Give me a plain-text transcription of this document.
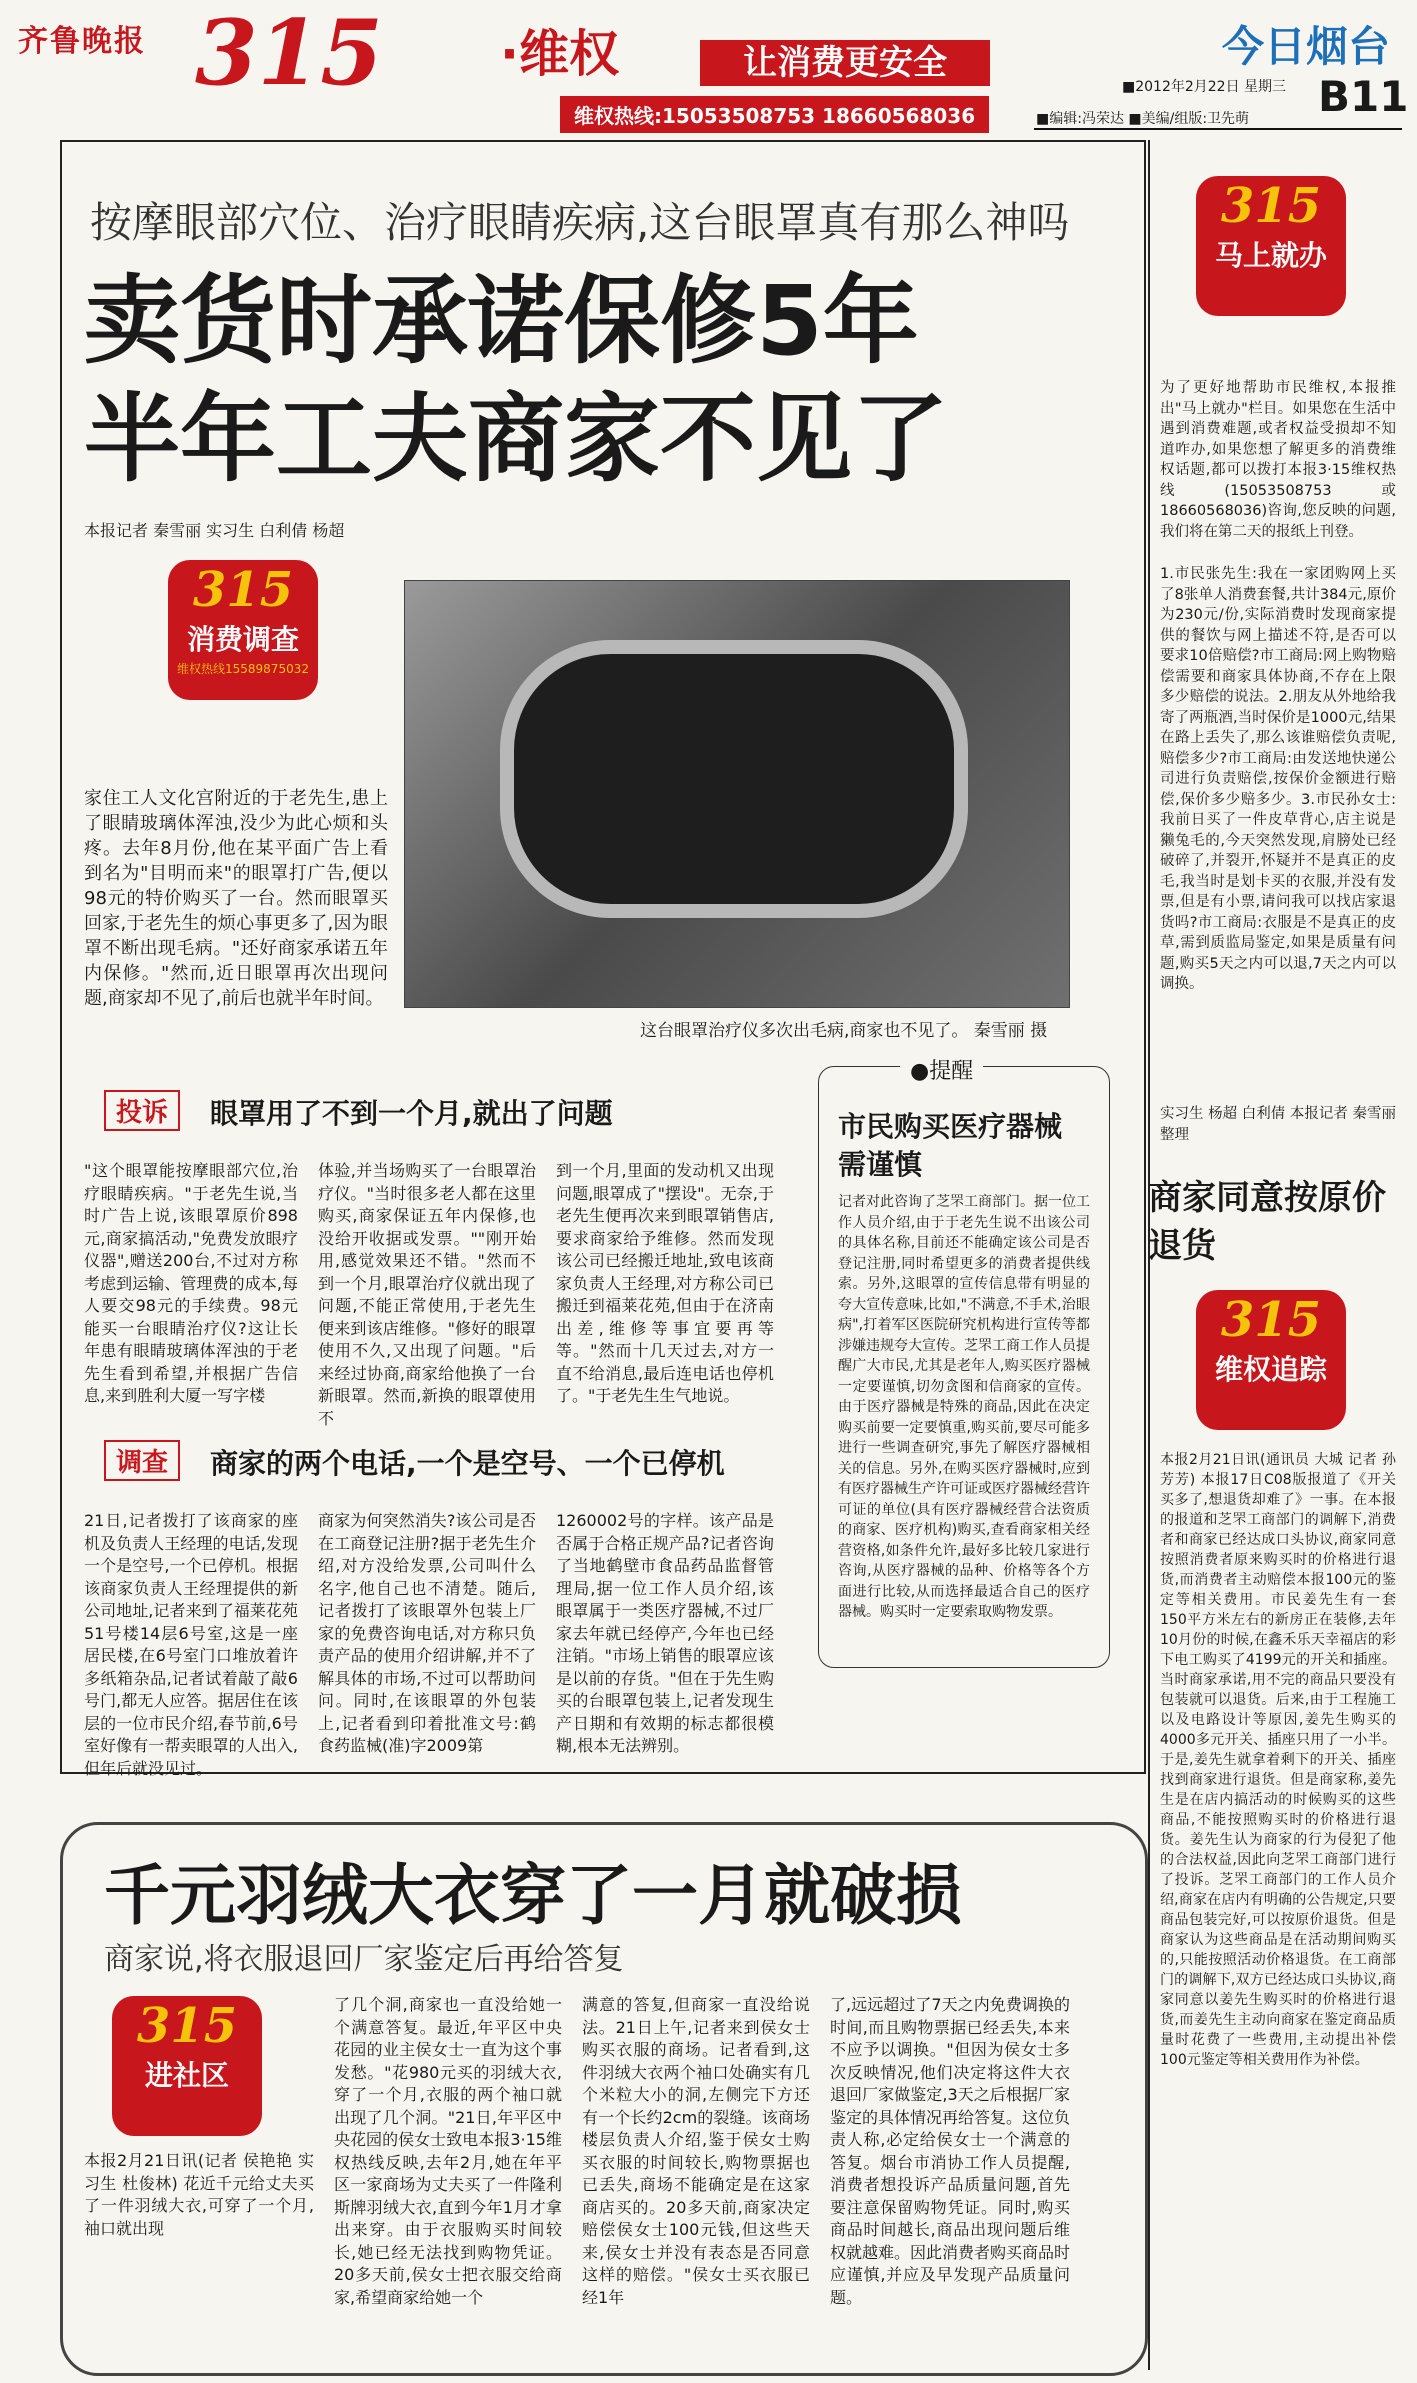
齐鲁晚报 315 ·维权	让消费更安全
维权热线:15053508753 18660568036
今日烟台
■2012年2月22日 星期三 B11
■编辑:冯荣达 ■美编/组版:卫先萌
按摩眼部穴位、治疗眼睛疾病,这台眼罩真有那么神吗
卖货时承诺保修5年
半年工夫商家不见了
本报记者 秦雪丽 实习生 白利倩 杨超
315
消费调查
维权热线15589875032
家住工人文化宫附近的于老先生,患上了眼睛玻璃体浑浊,没少为此心烦和头疼。去年8月份,他在某平面广告上看到名为"目明而来"的眼罩打广告,便以98元的特价购买了一台。然而眼罩买回家,于老先生的烦心事更多了,因为眼罩不断出现毛病。"还好商家承诺五年内保修。"然而,近日眼罩再次出现问题,商家却不见了,前后也就半年时间。
这台眼罩治疗仪多次出毛病,商家也不见了。 秦雪丽 摄
投诉	眼罩用了不到一个月,就出了问题
"这个眼罩能按摩眼部穴位,治疗眼睛疾病。"于老先生说,当时广告上说,该眼罩原价898元,商家搞活动,"免费发放眼疗仪器",赠送200台,不过对方称考虑到运输、管理费的成本,每人要交98元的手续费。98元能买一台眼睛治疗仪?这让长年患有眼睛玻璃体浑浊的于老先生看到希望,并根据广告信息,来到胜利大厦一写字楼
体验,并当场购买了一台眼罩治疗仪。"当时很多老人都在这里购买,商家保证五年内保修,也没给开收据或发票。""刚开始用,感觉效果还不错。"然而不到一个月,眼罩治疗仪就出现了问题,不能正常使用,于老先生便来到该店维修。"修好的眼罩使用不久,又出现了问题。"后来经过协商,商家给他换了一台新眼罩。然而,新换的眼罩使用不
到一个月,里面的发动机又出现问题,眼罩成了"摆设"。无奈,于老先生便再次来到眼罩销售店,要求商家给予维修。然而发现该公司已经搬迁地址,致电该商家负责人王经理,对方称公司已搬迁到福莱花苑,但由于在济南出差,维修等事宜要再等等。"然而十几天过去,对方一直不给消息,最后连电话也停机了。"于老先生生气地说。
调查	商家的两个电话,一个是空号、一个已停机
21日,记者拨打了该商家的座机及负责人王经理的电话,发现一个是空号,一个已停机。根据该商家负责人王经理提供的新公司地址,记者来到了福莱花苑51号楼14层6号室,这是一座居民楼,在6号室门口堆放着许多纸箱杂品,记者试着敲了敲6号门,都无人应答。据居住在该层的一位市民介绍,春节前,6号室好像有一帮卖眼罩的人出入,但年后就没见过。
商家为何突然消失?该公司是否在工商登记注册?据于老先生介绍,对方没给发票,公司叫什么名字,他自己也不清楚。随后,记者拨打了该眼罩外包装上厂家的免费咨询电话,对方称只负责产品的使用介绍讲解,并不了解具体的市场,不过可以帮助问问。同时,在该眼罩的外包装上,记者看到印着批准文号:鹤食药监械(准)字2009第
1260002号的字样。该产品是否属于合格正规产品?记者咨询了当地鹤壁市食品药品监督管理局,据一位工作人员介绍,该眼罩属于一类医疗器械,不过厂家去年就已经停产,今年也已经注销。"市场上销售的眼罩应该是以前的存货。"但在于先生购买的台眼罩包装上,记者发现生产日期和有效期的标志都很模糊,根本无法辨别。
●提醒
市民购买医疗器械需谨慎
记者对此咨询了芝罘工商部门。据一位工作人员介绍,由于于老先生说不出该公司的具体名称,目前还不能确定该公司是否登记注册,同时希望更多的消费者提供线索。另外,这眼罩的宣传信息带有明显的夸大宣传意味,比如,"不满意,不手术,治眼病",打着军区医院研究机构进行宣传等都涉嫌违规夸大宣传。芝罘工商工作人员提醒广大市民,尤其是老年人,购买医疗器械一定要谨慎,切勿贪图和信商家的宣传。由于医疗器械是特殊的商品,因此在决定购买前要一定要慎重,购买前,要尽可能多进行一些调查研究,事先了解医疗器械相关的信息。另外,在购买医疗器械时,应到有医疗器械生产许可证或医疗器械经营许可证的单位(具有医疗器械经营合法资质的商家、医疗机构)购买,查看商家相关经营资格,如条件允许,最好多比较几家进行咨询,从医疗器械的品种、价格等各个方面进行比较,从而选择最适合自己的医疗器械。购买时一定要索取购物发票。
千元羽绒大衣穿了一月就破损
商家说,将衣服退回厂家鉴定后再给答复
315
进社区
本报2月21日讯(记者 侯艳艳 实习生 杜俊林) 花近千元给丈夫买了一件羽绒大衣,可穿了一个月,袖口就出现
了几个洞,商家也一直没给她一个满意答复。最近,年平区中央花园的业主侯女士一直为这个事发愁。"花980元买的羽绒大衣,穿了一个月,衣服的两个袖口就出现了几个洞。"21日,年平区中央花园的侯女士致电本报3·15维权热线反映,去年2月,她在年平区一家商场为丈夫买了一件隆利斯牌羽绒大衣,直到今年1月才拿出来穿。由于衣服购买时间较长,她已经无法找到购物凭证。20多天前,侯女士把衣服交给商家,希望商家给她一个
满意的答复,但商家一直没给说法。21日上午,记者来到侯女士购买衣服的商场。记者看到,这件羽绒大衣两个袖口处确实有几个米粒大小的洞,左侧完下方还有一个长约2cm的裂缝。该商场楼层负责人介绍,鉴于侯女士购买衣服的时间较长,购物票据也已丢失,商场不能确定是在这家商店买的。20多天前,商家决定赔偿侯女士100元钱,但这些天来,侯女士并没有表态是否同意这样的赔偿。"侯女士买衣服已经1年
了,远远超过了7天之内免费调换的时间,而且购物票据已经丢失,本来不应予以调换。"但因为侯女士多次反映情况,他们决定将这件大衣退回厂家做鉴定,3天之后根据厂家鉴定的具体情况再给答复。这位负责人称,必定给侯女士一个满意的答复。烟台市消协工作人员提醒,消费者想投诉产品质量问题,首先要注意保留购物凭证。同时,购买商品时间越长,商品出现问题后维权就越难。因此消费者购买商品时应谨慎,并应及早发现产品质量问题。
315
马上就办
为了更好地帮助市民维权,本报推出"马上就办"栏目。如果您在生活中遇到消费难题,或者权益受损却不知道咋办,如果您想了解更多的消费维权话题,都可以拨打本报3·15维权热线(15053508753或18660568036)咨询,您反映的问题,我们将在第二天的报纸上刊登。
1.市民张先生:我在一家团购网上买了8张单人消费套餐,共计384元,原价为230元/份,实际消费时发现商家提供的餐饮与网上描述不符,是否可以要求10倍赔偿?市工商局:网上购物赔偿需要和商家具体协商,不存在上限多少赔偿的说法。2.朋友从外地给我寄了两瓶酒,当时保价是1000元,结果在路上丢失了,那么该谁赔偿负责呢,赔偿多少?市工商局:由发送地快递公司进行负责赔偿,按保价金额进行赔偿,保价多少赔多少。3.市民孙女士:我前日买了一件皮草背心,店主说是獭兔毛的,今天突然发现,肩膀处已经破碎了,并裂开,怀疑并不是真正的皮毛,我当时是划卡买的衣服,并没有发票,但是有小票,请问我可以找店家退货吗?市工商局:衣服是不是真正的皮草,需到质监局鉴定,如果是质量有问题,购买5天之内可以退,7天之内可以调换。
实习生 杨超 白利倩 本报记者 秦雪丽 整理
商家同意按原价退货
315
维权追踪
本报2月21日讯(通讯员 大城 记者 孙芳芳) 本报17日C08版报道了《开关买多了,想退货却难了》一事。在本报的报道和芝罘工商部门的调解下,消费者和商家已经达成口头协议,商家同意按照消费者原来购买时的价格进行退货,而消费者主动赔偿本报100元的鉴定等相关费用。市民姜先生有一套150平方米左右的新房正在装修,去年10月份的时候,在鑫禾乐天幸福店的彩下电工购买了4199元的开关和插座。当时商家承诺,用不完的商品只要没有包装就可以退货。后来,由于工程施工以及电路设计等原因,姜先生购买的4000多元开关、插座只用了一小半。于是,姜先生就拿着剩下的开关、插座找到商家进行退货。但是商家称,姜先生是在店内搞活动的时候购买的这些商品,不能按照购买时的价格进行退货。姜先生认为商家的行为侵犯了他的合法权益,因此向芝罘工商部门进行了投诉。芝罘工商部门的工作人员介绍,商家在店内有明确的公告规定,只要商品包装完好,可以按原价退货。但是商家认为这些商品是在活动期间购买的,只能按照活动价格退货。在工商部门的调解下,双方已经达成口头协议,商家同意以姜先生购买时的价格进行退货,而姜先生主动向商家在鉴定商品质量时花费了一些费用,主动提出补偿100元鉴定等相关费用作为补偿。
